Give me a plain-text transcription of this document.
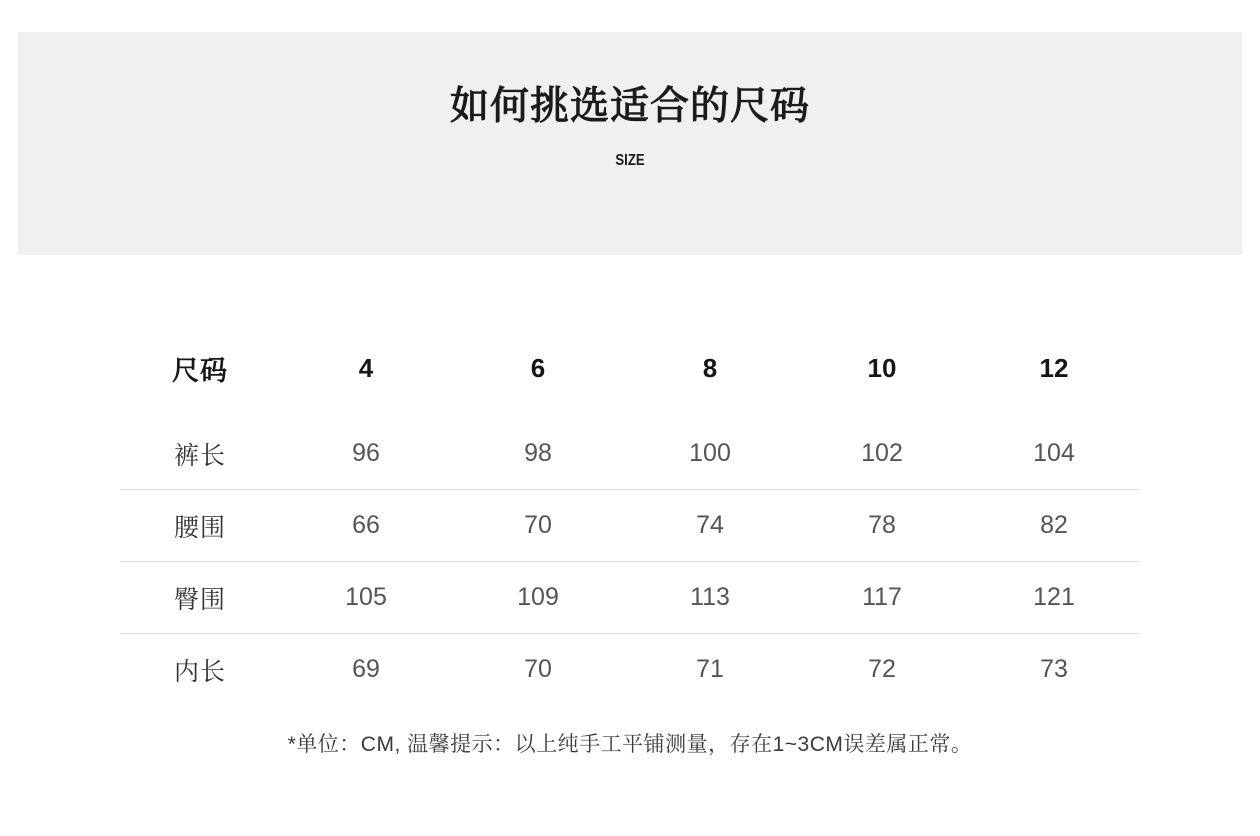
如何挑选适合的尺码
SIZE
尺码	4	6	8	10	12
裤长	96	98	100	102	104
腰围	66	70	74	78	82
臀围	105	109	113	117	121
内长	69	70	71	72	73
*单位：CM, 温馨提示：以上纯手工平铺测量，存在1~3CM误差属正常。
